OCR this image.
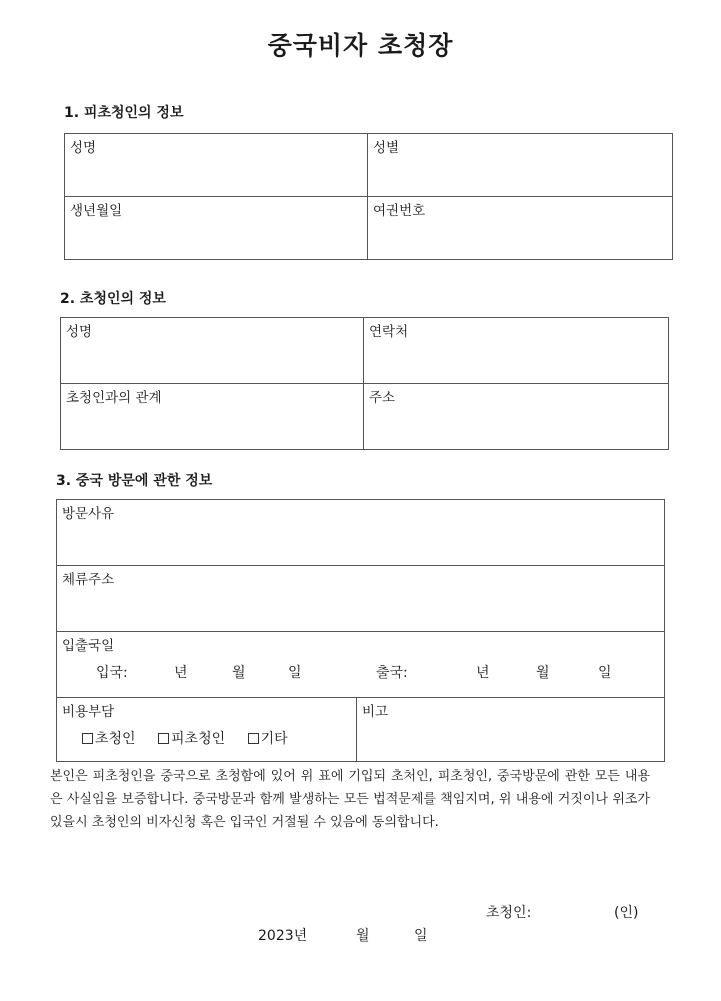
중국비자 초청장
1. 피초청인의 정보
성명	성별

생년월일	여권번호
2. 초청인의 정보
성명	연락처

초청인과의 관계	주소
3. 중국 방문에 관한 정보
방문사유

체류주소

입출국일
입국:	년	월	일	출국:	년	월	일

비용부담
초청인	피초청인	기타

비고

본인은 피초청인을 중국으로 초청함에 있어 위 표에 기입되 초처인, 피초청인, 중국방문에 관한 모든 내용은 사실임을 보증합니다. 중국방문과 함께 발생하는 모든 법적문제를 책임지며, 위 내용에 거짓이나 위조가 있을시 초청인의 비자신청 혹은 입국인 거절될 수 있음에 동의합니다.

초청인:	(인)
2023년	월	일
